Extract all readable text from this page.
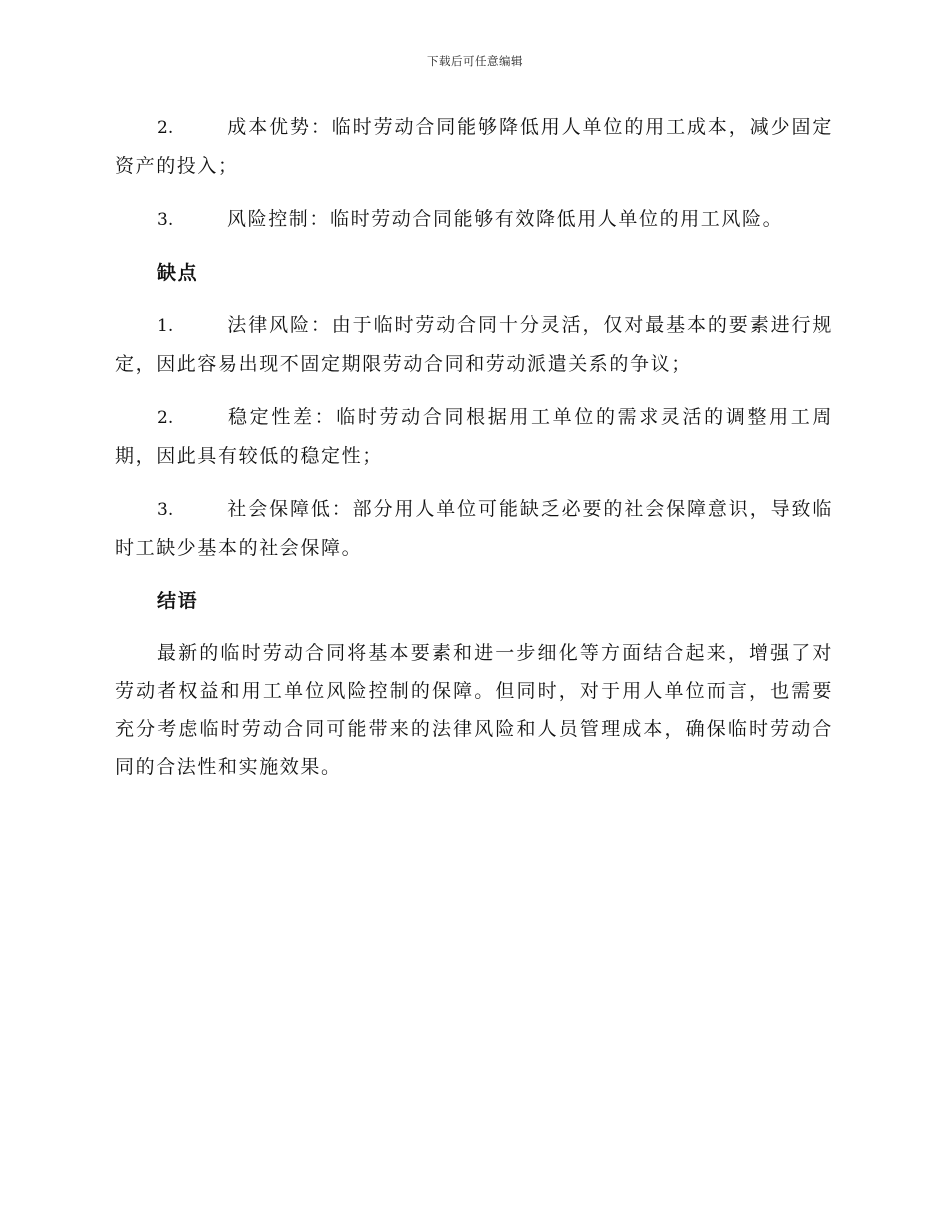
下载后可任意编辑

2.	成本优势：临时劳动合同能够降低用人单位的用工成本，减少固定资产的投入；

3.	风险控制：临时劳动合同能够有效降低用人单位的用工风险。

缺点

1.	法律风险：由于临时劳动合同十分灵活，仅对最基本的要素进行规定，因此容易出现不固定期限劳动合同和劳动派遣关系的争议；

2.	稳定性差：临时劳动合同根据用工单位的需求灵活的调整用工周期，因此具有较低的稳定性；

3.	社会保障低：部分用人单位可能缺乏必要的社会保障意识，导致临时工缺少基本的社会保障。

结语

最新的临时劳动合同将基本要素和进一步细化等方面结合起来，增强了对劳动者权益和用工单位风险控制的保障。但同时，对于用人单位而言，也需要充分考虑临时劳动合同可能带来的法律风险和人员管理成本，确保临时劳动合同的合法性和实施效果。
